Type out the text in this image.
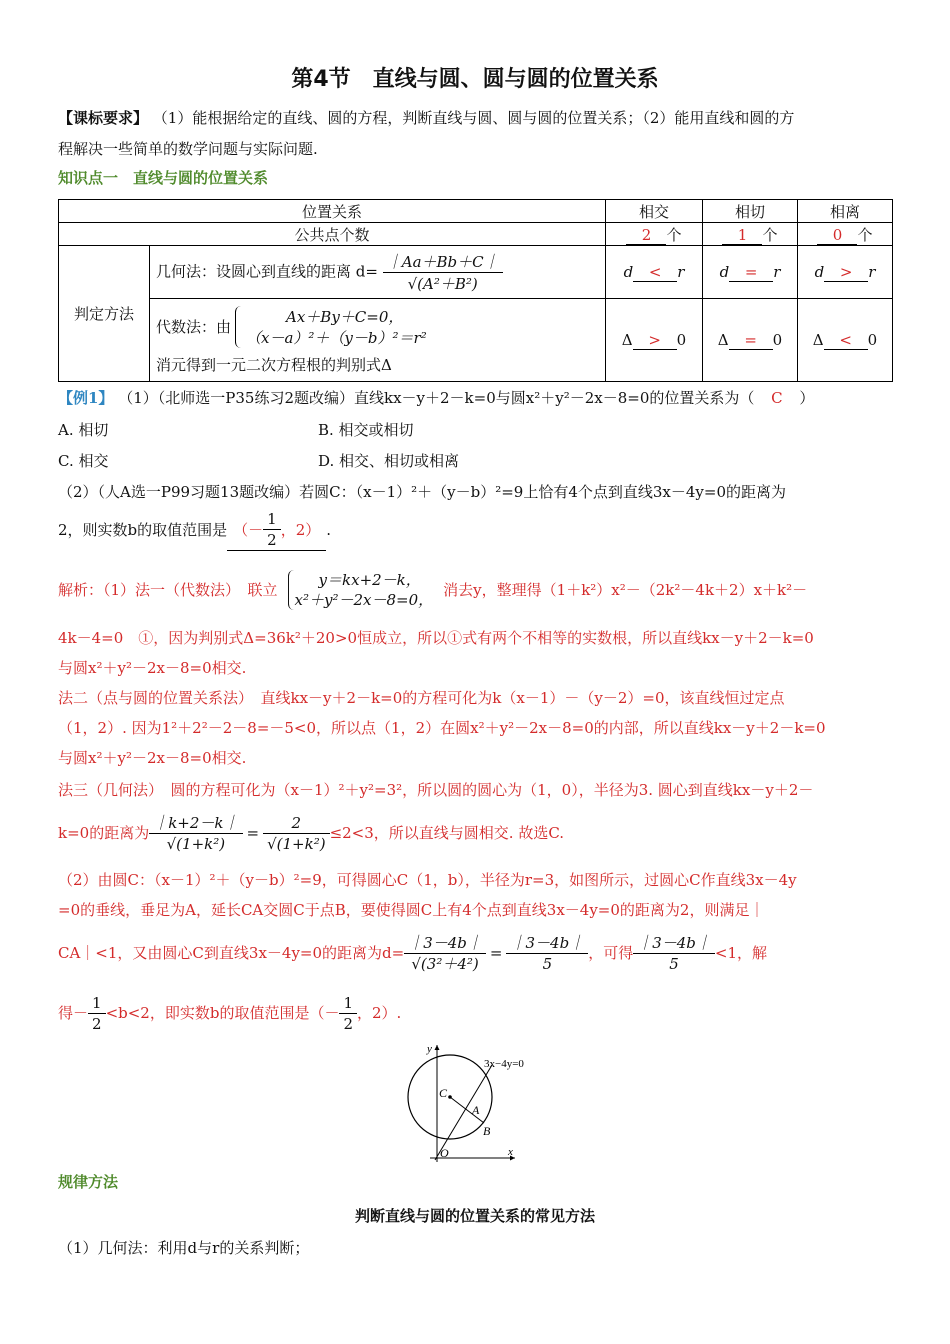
第4节　直线与圆、圆与圆的位置关系
【课标要求】 （1）能根据给定的直线、圆的方程，判断直线与圆、圆与圆的位置关系；（2）能用直线和圆的方
程解决一些简单的数学问题与实际问题.
知识点一　直线与圆的位置关系
位置关系		相交	相切	相离
公共点个数		2 个	1 个	0 个
判定方法	几何法：设圆心到直线的距离 $d= \frac{|Aa+Bb+C|}{\text{√(A²＋B²)}}$	d < r	d = r	d > r

	代数法：由
Ax＋By＋C=0，
（x－a）²＋（y－b）²＝r²
消元得到一元二次方程根的判别式Δ	Δ > 0	Δ = 0	Δ < 0
【例1】 （1）（北师选一P35练习2题改编）直线kx－y＋2－k=0与圆x²＋y²－2x－8=0的位置关系为（ C ）
A. 相切	B. 相交或相切
C. 相交	D. 相交、相切或相离
（2）（人A选一P99习题13题改编）若圆C：（x－1）²＋（y－b）²=9上恰有4个点到直线3x－4y=0的距离为
2，则实数b的取值范围是 （－ $\frac{1}{2}$ ，2） .
解析：（1）法一（代数法）　联立
y＝kx+2－k，
x²＋y²－2x－8=0，
消去y，整理得（1＋k²）x²－（2k²－4k＋2）x＋k²－
4k－4=0　①，因为判别式Δ=36k²＋20>0恒成立，所以①式有两个不相等的实数根，所以直线kx－y＋2－k=0
与圆x²＋y²－2x－8=0相交.
法二（点与圆的位置关系法）　直线kx－y＋2－k=0的方程可化为k（x－1）－（y－2）=0，该直线恒过定点
（1，2）. 因为1²＋2²－2－8=－5<0，所以点（1，2）在圆x²＋y²－2x－8=0的内部，所以直线kx－y＋2－k=0
与圆x²＋y²－2x－8=0相交.
法三（几何法）　圆的方程可化为（x－1）²＋y²=3²，所以圆的圆心为（1，0），半径为3. 圆心到直线kx－y＋2－
k=0的距离为 $\frac{|k+2-k|}{\text{√(1+k²)}} = \frac{2}{\text{√(1+k²)}} \le 2<3$，所以直线与圆相交. 故选C.
（2）由圆C：（x－1）²＋（y－b）²=9，可得圆心C（1，b），半径为r=3，如图所示，过圆心C作直线3x－4y
=0的垂线，垂足为A，延长CA交圆C于点B，要使得圆C上有4个点到直线3x－4y=0的距离为2，则满足｜
CA｜<1，又由圆心C到直线3x－4y=0的距离为$d= \frac{|3-4b|}{\text{√(3²＋4²)}} = \frac{|3-4b|}{5}$ ，可得 $\frac{|3-4b|}{5} <1$，解
得－ $\frac{1}{2} <b<2$，即实数b的取值范围是（－ $\frac{1}{2}$ ，2）.
3x−4y=0
y
x
C
A
B
O
规律方法
判断直线与圆的位置关系的常见方法
（1）几何法：利用d与r的关系判断；
